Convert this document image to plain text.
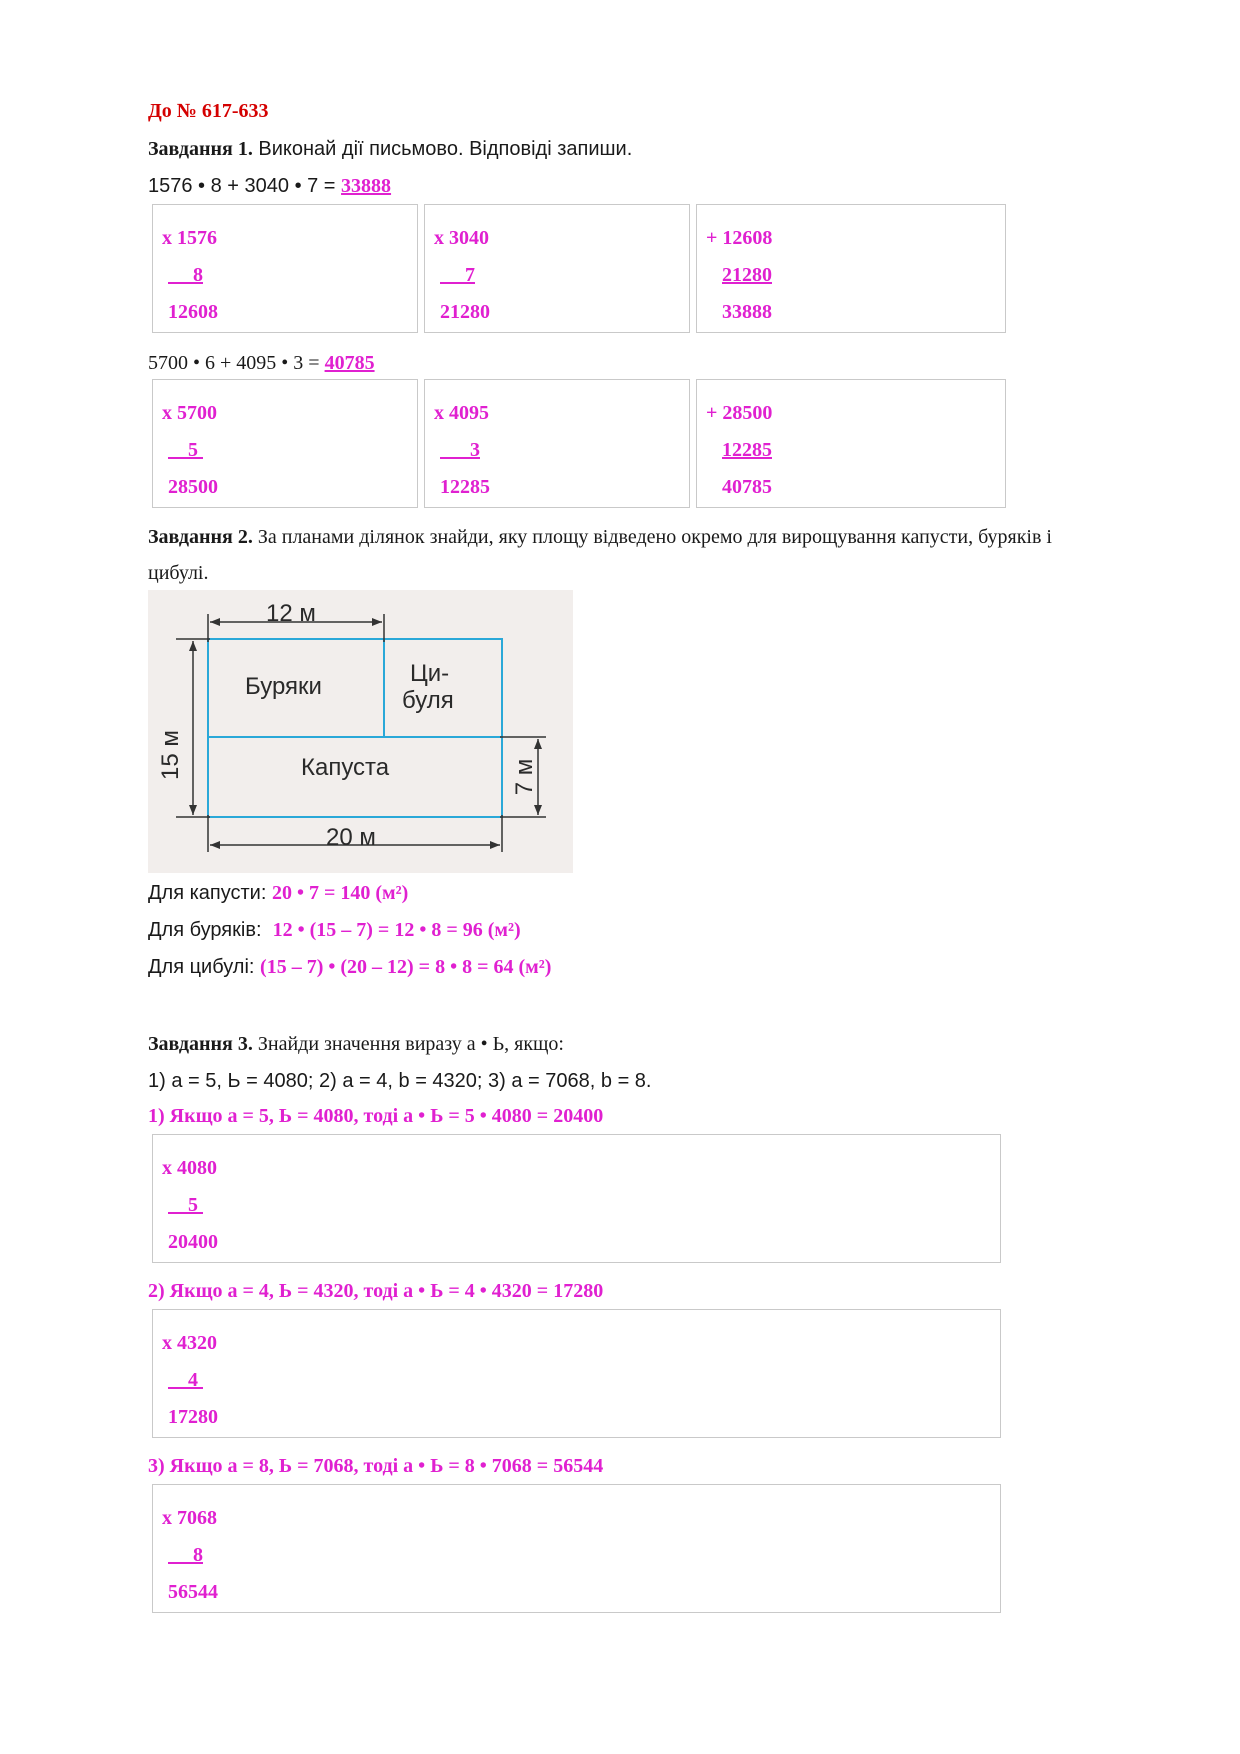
До № 617-633
Завдання 1. Виконай дії письмово. Відповіді запиши.
1576 • 8 + 3040 • 7 = 33888
х 1576
8
12608
х 3040
7
21280
+ 12608
21280
33888
5700 • 6 + 4095 • 3 = 40785
х 5700
5
28500
х 4095
3
12285
+ 28500
12285
40785
Завдання 2. За планами ділянок знайди, яку площу відведено окремо для вирощування капусти, буряків і
цибулі.
12 м
15 м	7 м
20 м
Буряки	Ци-
буля
Капуста
Для капусти: 20 • 7 = 140 (м²)
Для буряків:  12 • (15 – 7) = 12 • 8 = 96 (м²)
Для цибулі: (15 – 7) • (20 – 12) = 8 • 8 = 64 (м²)
Завдання 3. Знайди значення виразу а • Ь, якщо:
1) а = 5, Ь = 4080; 2) а = 4, b = 4320; 3) а = 7068, b = 8.
1) Якщо а = 5, Ь = 4080, тоді а • Ь = 5 • 4080 = 20400
х 4080
5
20400
2) Якщо а = 4, Ь = 4320, тоді а • Ь = 4 • 4320 = 17280
х 4320
4
17280
3) Якщо а = 8, Ь = 7068, тоді а • Ь = 8 • 7068 = 56544
х 7068
8
56544
